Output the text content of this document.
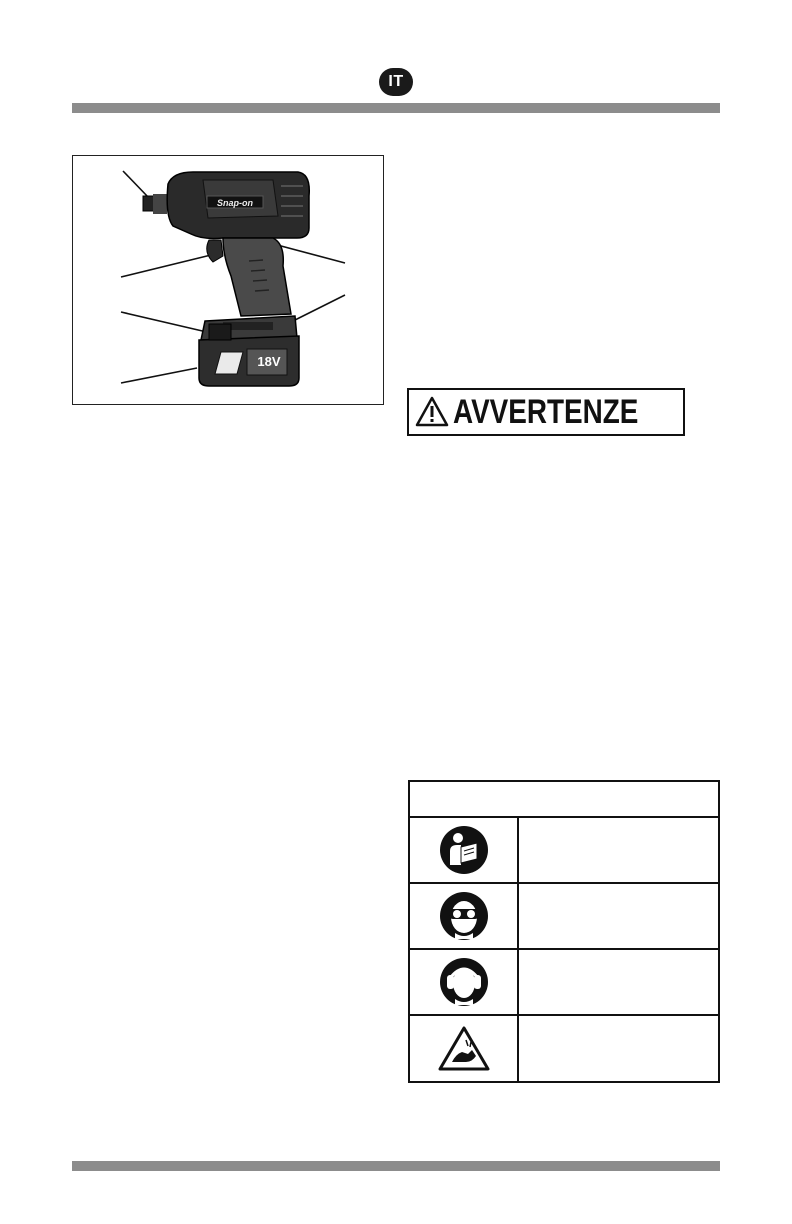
IT
Snap-on
18V
AVVERTENZE
